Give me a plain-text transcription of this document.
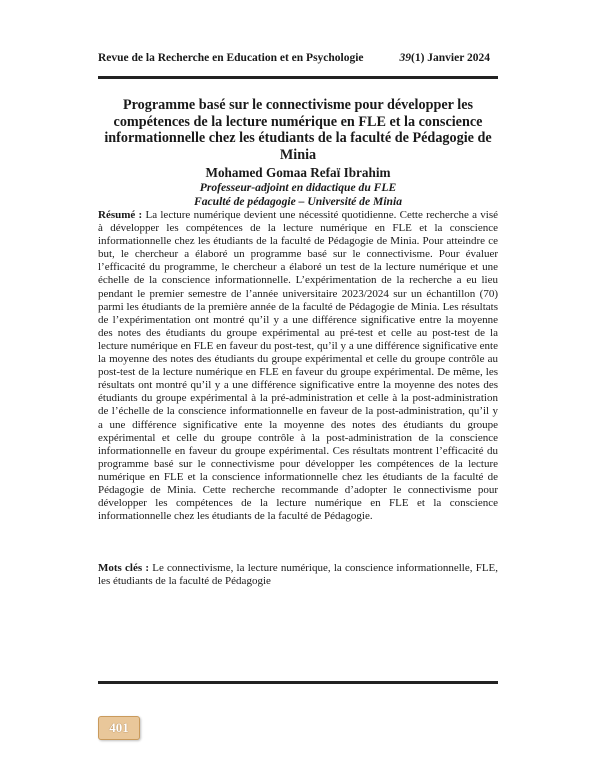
Revue de la Recherche en Education et en Psychologie	39(1) Janvier 2024
Programme basé sur le connectivisme pour développer les compétences de la lecture numérique en FLE et la conscience informationnelle chez les étudiants de la faculté de Pédagogie de Minia
Mohamed Gomaa Refaï Ibrahim
Professeur-adjoint en didactique du FLE
Faculté de pédagogie – Université de Minia

Résumé : La lecture numérique devient une nécessité quotidienne. Cette recherche a visé à développer les compétences de la lecture numérique en FLE et la conscience informationnelle chez les étudiants de la faculté de Pédagogie de Minia. Pour atteindre ce but, le chercheur a élaboré un programme basé sur le connectivisme. Pour évaluer l’efficacité du programme, le chercheur a élaboré un test de la lecture numérique et une échelle de la conscience informationnelle. L’expérimentation de la recherche a eu lieu pendant le premier semestre de l’année universitaire 2023/2024 sur un échantillon (70) parmi les étudiants de la première année de la faculté de Pédagogie de Minia. Les résultats de l’expérimentation ont montré qu’il y a une différence significative entre la moyenne des notes des étudiants du groupe expérimental au pré-test et celle au post-test de la lecture numérique en FLE en faveur du post-test, qu’il y a une différence significative ente la moyenne des notes des étudiants du groupe expérimental et celle du groupe contrôle au post-test de la lecture numérique en FLE en faveur du groupe expérimental. De même, les résultats ont montré qu’il y a une différence significative entre la moyenne des notes des étudiants du groupe expérimental à la pré-administration et celle à la post-administration de l’échelle de la conscience informationnelle en faveur de la post-administration, qu’il y a une différence significative ente la moyenne des notes des étudiants du groupe expérimental et celle du groupe contrôle à la post-administration de la conscience informationnelle en faveur du groupe expérimental. Ces résultats montrent l’efficacité du programme basé sur le connectivisme pour développer les compétences de la lecture numérique en FLE et la conscience informationnelle chez les étudiants de la faculté de Pédagogie de Minia. Cette recherche recommande d’adopter le connectivisme pour développer les compétences de la lecture numérique en FLE et la conscience informationnelle chez les étudiants de la faculté de Pédagogie.

Mots clés : Le connectivisme, la lecture numérique, la conscience informationnelle, FLE, les étudiants de la faculté de Pédagogie

401
